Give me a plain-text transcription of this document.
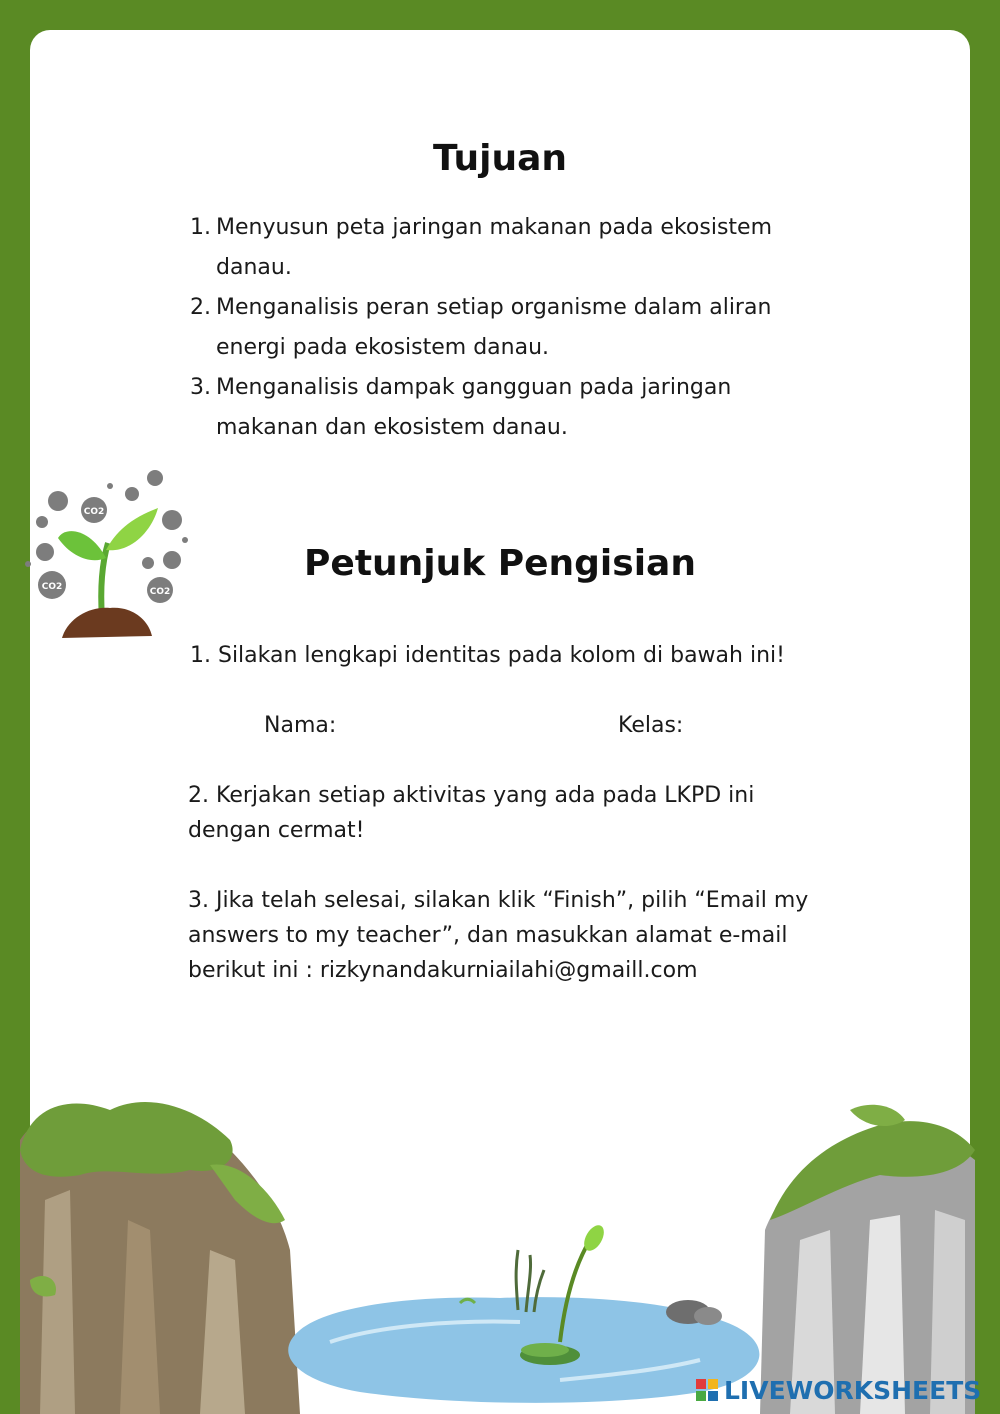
Tujuan
1. Menyusun peta jaringan makanan pada ekosistem
danau.
2. Menganalisis peran setiap organisme dalam aliran
energi pada ekosistem danau.
3. Menganalisis dampak gangguan pada jaringan
makanan dan ekosistem danau.
CO2
CO2	CO2
Petunjuk Pengisian
1. Silakan lengkapi identitas pada kolom di bawah ini!
Nama:	Kelas:
2. Kerjakan setiap aktivitas yang ada pada LKPD ini dengan cermat!
3. Jika telah selesai, silakan klik “Finish”, pilih “Email my
answers to my teacher”, dan masukkan alamat e-mail
berikut ini : rizkynandakurniailahi@gmaill.com
LIVEWORKSHEETS
